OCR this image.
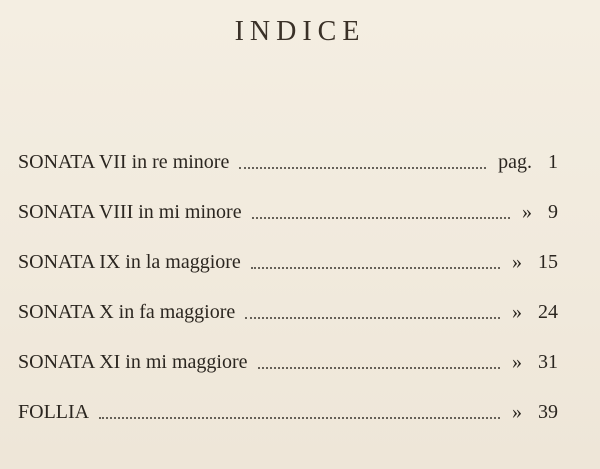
INDICE
SONATA VII in re minore	pag. 1
SONATA VIII in mi minore	» 9
SONATA IX in la maggiore	» 15
SONATA X in fa maggiore	» 24
SONATA XI in mi maggiore	» 31
FOLLIA	» 39
